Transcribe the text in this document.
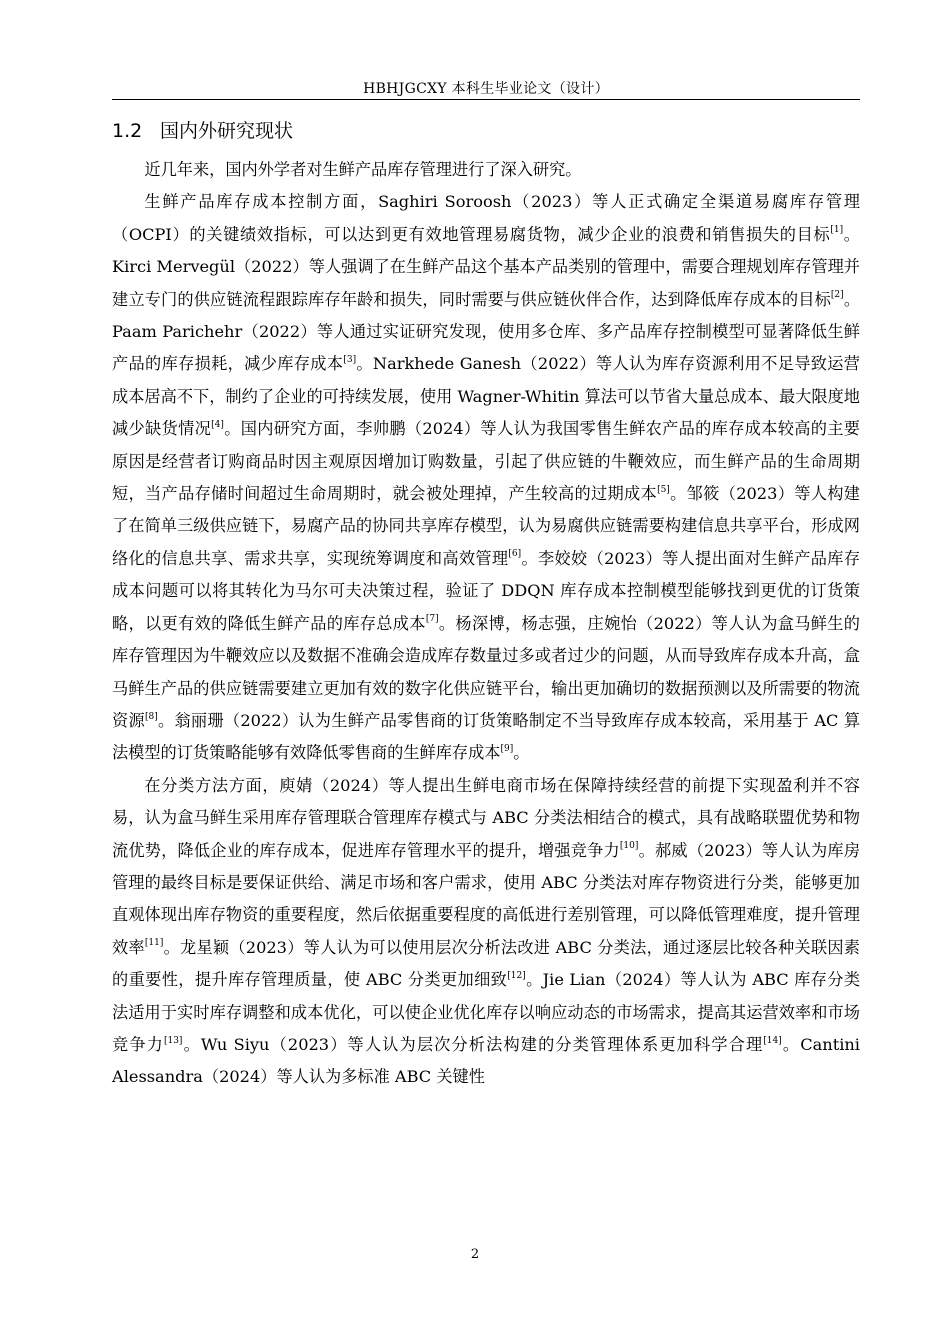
HBHJGCXY 本科生毕业论文（设计）
1.2 国内外研究现状

近几年来，国内外学者对生鲜产品库存管理进行了深入研究。

生鲜产品库存成本控制方面，Saghiri Soroosh（2023）等人正式确定全渠道易腐库存管理（OCPI）的关键绩效指标，可以达到更有效地管理易腐货物，减少企业的浪费和销售损失的目标[1]。Kirci Mervegül（2022）等人强调了在生鲜产品这个基本产品类别的管理中，需要合理规划库存管理并建立专门的供应链流程跟踪库存年龄和损失，同时需要与供应链伙伴合作，达到降低库存成本的目标[2]。Paam Parichehr（2022）等人通过实证研究发现，使用多仓库、多产品库存控制模型可显著降低生鲜产品的库存损耗，减少库存成本[3]。Narkhede Ganesh（2022）等人认为库存资源利用不足导致运营成本居高不下，制约了企业的可持续发展，使用 Wagner-Whitin 算法可以节省大量总成本、最大限度地减少缺货情况[4]。国内研究方面，李帅鹏（2024）等人认为我国零售生鲜农产品的库存成本较高的主要原因是经营者订购商品时因主观原因增加订购数量，引起了供应链的牛鞭效应，而生鲜产品的生命周期短，当产品存储时间超过生命周期时，就会被处理掉，产生较高的过期成本[5]。邹筱（2023）等人构建了在简单三级供应链下，易腐产品的协同共享库存模型，认为易腐供应链需要构建信息共享平台，形成网络化的信息共享、需求共享，实现统筹调度和高效管理[6]。李姣姣（2023）等人提出面对生鲜产品库存成本问题可以将其转化为马尔可夫决策过程，验证了 DDQN 库存成本控制模型能够找到更优的订货策略，以更有效的降低生鲜产品的库存总成本[7]。杨深博，杨志强，庄婉怡（2022）等人认为盒马鲜生的库存管理因为牛鞭效应以及数据不准确会造成库存数量过多或者过少的问题，从而导致库存成本升高，盒马鲜生产品的供应链需要建立更加有效的数字化供应链平台，输出更加确切的数据预测以及所需要的物流资源[8]。翁丽珊（2022）认为生鲜产品零售商的订货策略制定不当导致库存成本较高，采用基于 AC 算法模型的订货策略能够有效降低零售商的生鲜库存成本[9]。

在分类方法方面，庾婧（2024）等人提出生鲜电商市场在保障持续经营的前提下实现盈利并不容易，认为盒马鲜生采用库存管理联合管理库存模式与 ABC 分类法相结合的模式，具有战略联盟优势和物流优势，降低企业的库存成本，促进库存管理水平的提升，增强竞争力[10]。郝威（2023）等人认为库房管理的最终目标是要保证供给、满足市场和客户需求，使用 ABC 分类法对库存物资进行分类，能够更加直观体现出库存物资的重要程度，然后依据重要程度的高低进行差别管理，可以降低管理难度，提升管理效率[11]。龙星颖（2023）等人认为可以使用层次分析法改进 ABC 分类法，通过逐层比较各种关联因素的重要性，提升库存管理质量，使 ABC 分类更加细致[12]。Jie Lian（2024）等人认为 ABC 库存分类法适用于实时库存调整和成本优化，可以使企业优化库存以响应动态的市场需求，提高其运营效率和市场竞争力[13]。Wu Siyu（2023）等人认为层次分析法构建的分类管理体系更加科学合理[14]。Cantini Alessandra（2024）等人认为多标准 ABC 关键性

2
